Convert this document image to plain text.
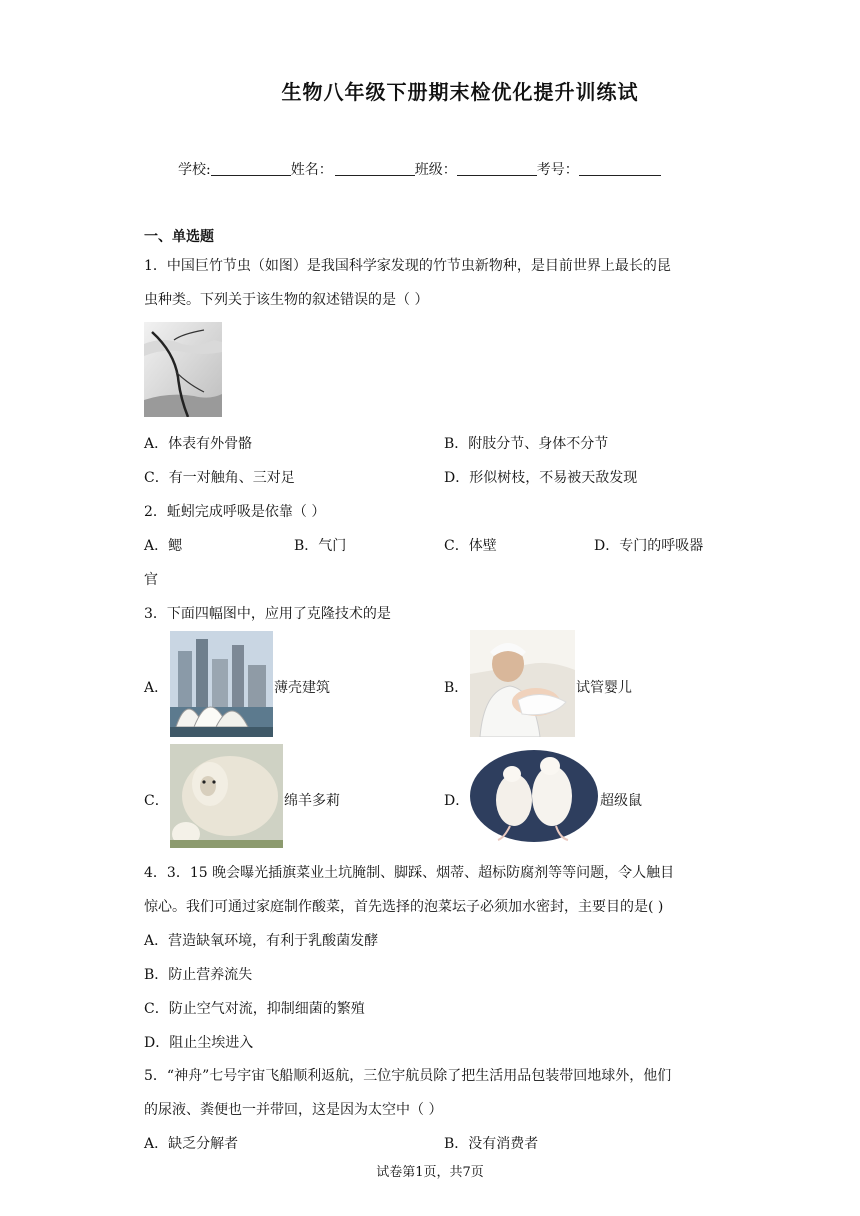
生物八年级下册期末检优化提升训练试
学校:	姓名：	班级：	考号：
一、单选题
1．中国巨竹节虫（如图）是我国科学家发现的竹节虫新物种，是目前世界上最长的昆
虫种类。下列关于该生物的叙述错误的是（ ）
A．体表有外骨骼	B．附肢分节、身体不分节
C．有一对触角、三对足	D．形似树枝，不易被天敌发现
2．蚯蚓完成呼吸是依靠（ ）
A．鳃	B．气门	C．体壁	D．专门的呼吸器
官
3．下面四幅图中，应用了克隆技术的是
A．	薄壳建筑	B．	试管婴儿
C．	绵羊多莉	D．	超级鼠
4．3．15 晚会曝光插旗菜业土坑腌制、脚踩、烟蒂、超标防腐剂等等问题，令人触目
惊心。我们可通过家庭制作酸菜，首先选择的泡菜坛子必须加水密封，主要目的是( )
A．营造缺氧环境，有利于乳酸菌发酵
B．防止营养流失
C．防止空气对流，抑制细菌的繁殖
D．阻止尘埃进入
5．“神舟”七号宇宙飞船顺利返航，三位宇航员除了把生活用品包装带回地球外，他们
的尿液、粪便也一并带回，这是因为太空中（ ）
A．缺乏分解者	B．没有消费者
试卷第1页，共7页
